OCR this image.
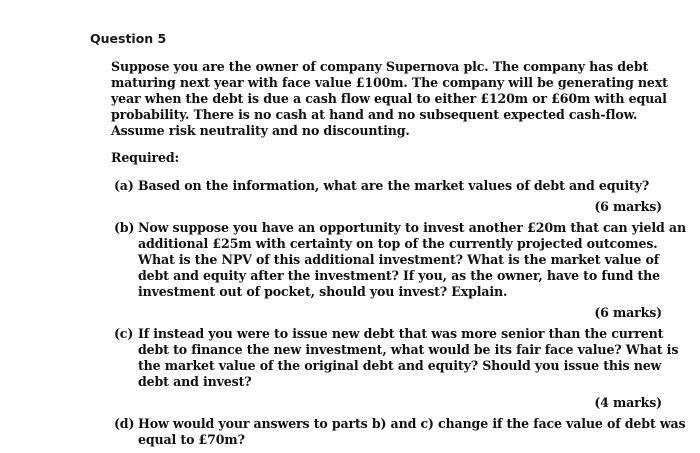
Question 5
Suppose you are the owner of company Supernova plc. The company has debt
maturing next year with face value £100m. The company will be generating next
year when the debt is due a cash flow equal to either £120m or £60m with equal
probability. There is no cash at hand and no subsequent expected cash-flow.
Assume risk neutrality and no discounting.
Required:
(a) Based on the information, what are the market values of debt and equity?
(6 marks)
(b) Now suppose you have an opportunity to invest another £20m that can yield an
additional £25m with certainty on top of the currently projected outcomes.
What is the NPV of this additional investment? What is the market value of
debt and equity after the investment? If you, as the owner, have to fund the
investment out of pocket, should you invest? Explain.
(6 marks)
(c) If instead you were to issue new debt that was more senior than the current
debt to finance the new investment, what would be its fair face value? What is
the market value of the original debt and equity? Should you issue this new
debt and invest?
(4 marks)
(d) How would your answers to parts b) and c) change if the face value of debt was
equal to £70m?
